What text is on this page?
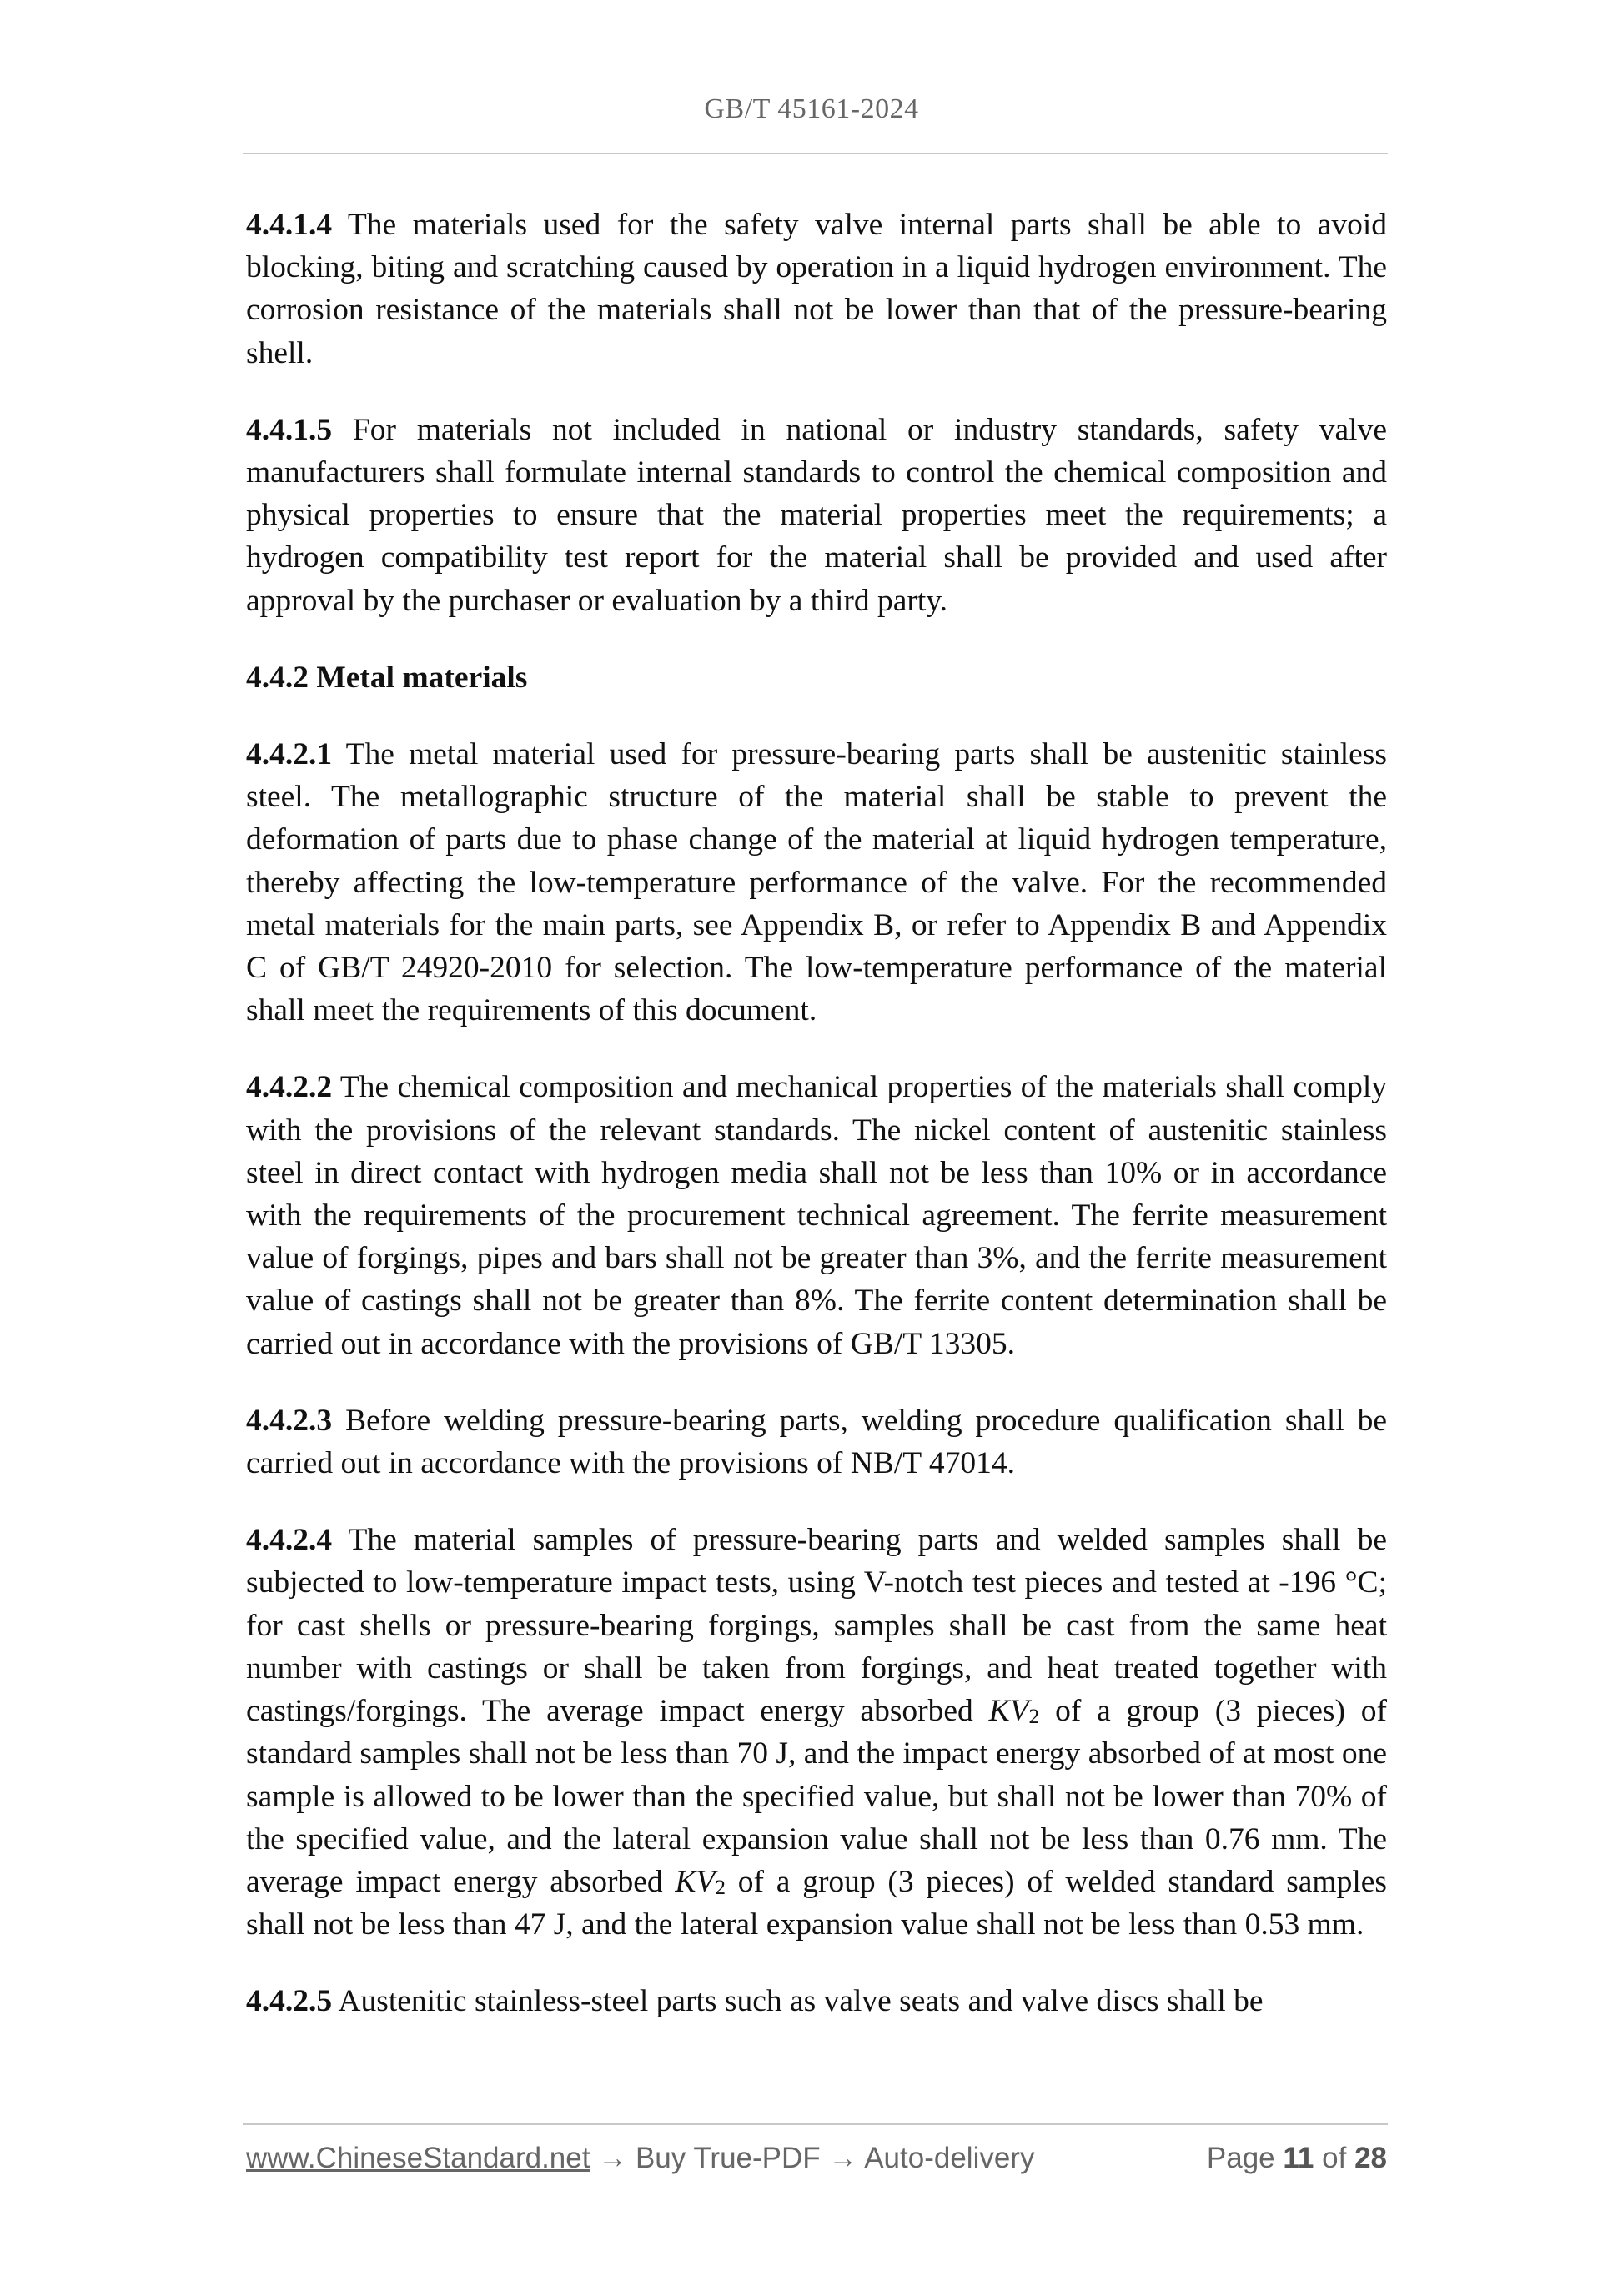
GB/T 45161-2024

4.4.1.4 The materials used for the safety valve internal parts shall be able to avoid blocking, biting and scratching caused by operation in a liquid hydrogen environment. The corrosion resistance of the materials shall not be lower than that of the pressure-bearing shell.

4.4.1.5 For materials not included in national or industry standards, safety valve manufacturers shall formulate internal standards to control the chemical composition and physical properties to ensure that the material properties meet the requirements; a hydrogen compatibility test report for the material shall be provided and used after approval by the purchaser or evaluation by a third party.

4.4.2 Metal materials

4.4.2.1 The metal material used for pressure-bearing parts shall be austenitic stainless steel. The metallographic structure of the material shall be stable to prevent the deformation of parts due to phase change of the material at liquid hydrogen temperature, thereby affecting the low-temperature performance of the valve. For the recommended metal materials for the main parts, see Appendix B, or refer to Appendix B and Appendix C of GB/T 24920-2010 for selection. The low-temperature performance of the material shall meet the requirements of this document.

4.4.2.2 The chemical composition and mechanical properties of the materials shall comply with the provisions of the relevant standards. The nickel content of austenitic stainless steel in direct contact with hydrogen media shall not be less than 10% or in accordance with the requirements of the procurement technical agreement. The ferrite measurement value of forgings, pipes and bars shall not be greater than 3%, and the ferrite measurement value of castings shall not be greater than 8%. The ferrite content determination shall be carried out in accordance with the provisions of GB/T 13305.

4.4.2.3 Before welding pressure-bearing parts, welding procedure qualification shall be carried out in accordance with the provisions of NB/T 47014.

4.4.2.4 The material samples of pressure-bearing parts and welded samples shall be subjected to low-temperature impact tests, using V-notch test pieces and tested at -196 °C; for cast shells or pressure-bearing forgings, samples shall be cast from the same heat number with castings or shall be taken from forgings, and heat treated together with castings/forgings. The average impact energy absorbed $KV_2$ of a group (3 pieces) of standard samples shall not be less than 70 J, and the impact energy absorbed of at most one sample is allowed to be lower than the specified value, but shall not be lower than 70% of the specified value, and the lateral expansion value shall not be less than 0.76 mm. The average impact energy absorbed $KV_2$ of a group (3 pieces) of welded standard samples shall not be less than 47 J, and the lateral expansion value shall not be less than 0.53 mm.

4.4.2.5 Austenitic stainless-steel parts such as valve seats and valve discs shall be

www.ChineseStandard.net → Buy True-PDF → Auto-delivery	Page 11 of 28
